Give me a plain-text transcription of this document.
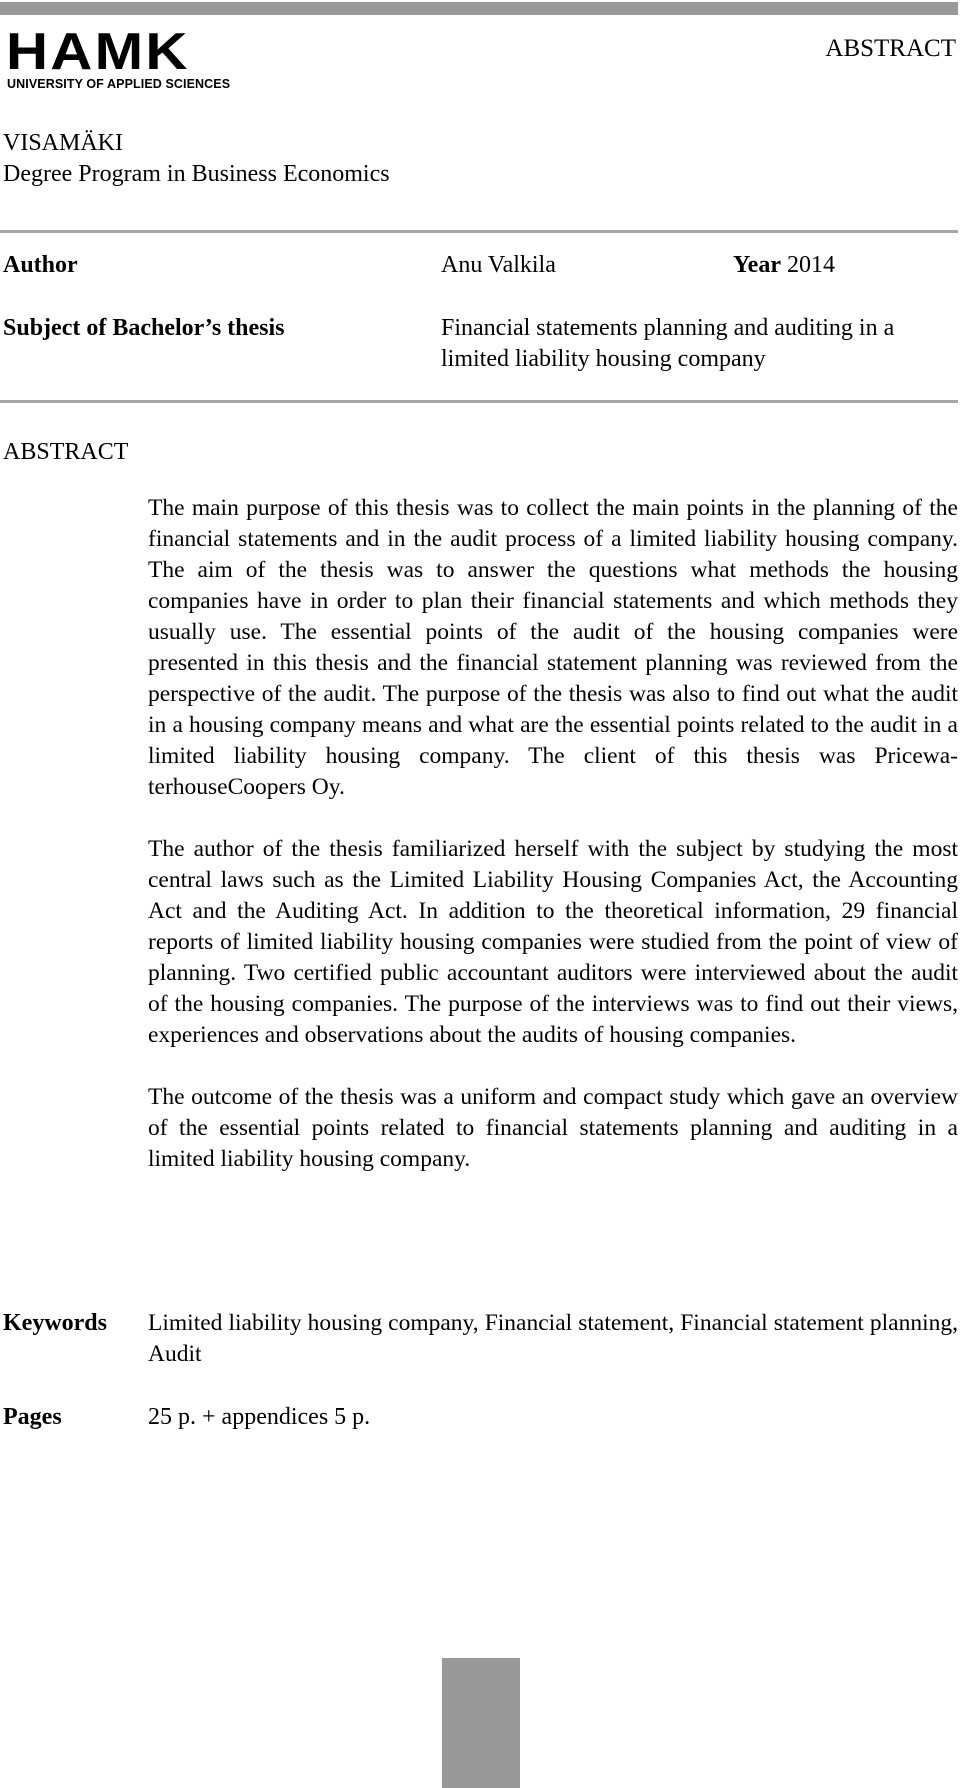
HAMK
UNIVERSITY OF APPLIED SCIENCES
ABSTRACT
VISAMÄKI
Degree Program in Business Economics
Author	Anu Valkila	Year 2014
Subject of Bachelor’s thesis	Financial statements planning and auditing in a
limited liability housing company
ABSTRACT

The main purpose of this thesis was to collect the main points in the planning of the financial statements and in the audit process of a limited liability housing company. The aim of the thesis was to answer the questions what methods the housing companies have in order to plan their financial statements and which methods they usually use. The essential points of the audit of the housing companies were presented in this thesis and the financial statement planning was reviewed from the perspective of the audit. The purpose of the thesis was also to find out what the audit in a housing company means and what are the essential points related to the audit in a limited liability housing company. The client of this thesis was PricewaterhouseCoopers Oy.

The author of the thesis familiarized herself with the subject by studying the most central laws such as the Limited Liability Housing Companies Act, the Accounting Act and the Auditing Act. In addition to the theoretical information, 29 financial reports of limited liability housing companies were studied from the point of view of planning. Two certified public accountant auditors were interviewed about the audit of the housing companies. The purpose of the interviews was to find out their views, experiences and observations about the audits of housing companies.

The outcome of the thesis was a uniform and compact study which gave an overview of the essential points related to financial statements planning and auditing in a limited liability housing company.

Keywords Limited liability housing company, Financial statement, Financial statement planning, Audit
Pages	25 p. + appendices 5 p.
